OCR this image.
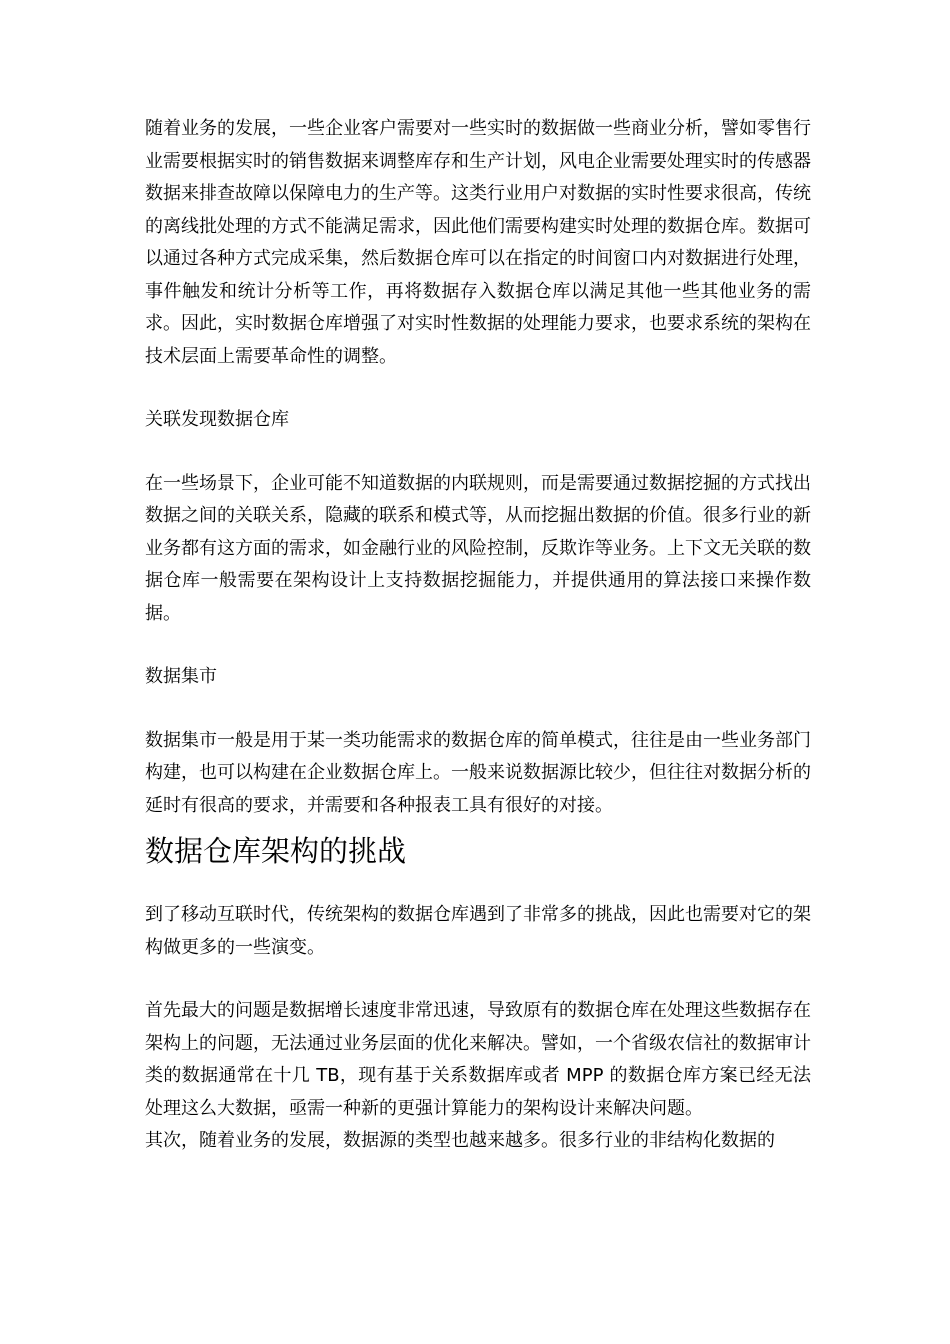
随着业务的发展，一些企业客户需要对一些实时的数据做一些商业分析，譬如零售行业需要根据实时的销售数据来调整库存和生产计划，风电企业需要处理实时的传感器数据来排查故障以保障电力的生产等。这类行业用户对数据的实时性要求很高，传统的离线批处理的方式不能满足需求，因此他们需要构建实时处理的数据仓库。数据可以通过各种方式完成采集，然后数据仓库可以在指定的时间窗口内对数据进行处理，事件触发和统计分析等工作，再将数据存入数据仓库以满足其他一些其他业务的需求。因此，实时数据仓库增强了对实时性数据的处理能力要求，也要求系统的架构在技术层面上需要革命性的调整。

关联发现数据仓库

在一些场景下，企业可能不知道数据的内联规则，而是需要通过数据挖掘的方式找出数据之间的关联关系，隐藏的联系和模式等，从而挖掘出数据的价值。很多行业的新业务都有这方面的需求，如金融行业的风险控制，反欺诈等业务。上下文无关联的数据仓库一般需要在架构设计上支持数据挖掘能力，并提供通用的算法接口来操作数据。

数据集市

数据集市一般是用于某一类功能需求的数据仓库的简单模式，往往是由一些业务部门构建，也可以构建在企业数据仓库上。一般来说数据源比较少，但往往对数据分析的延时有很高的要求，并需要和各种报表工具有很好的对接。

数据仓库架构的挑战

到了移动互联时代，传统架构的数据仓库遇到了非常多的挑战，因此也需要对它的架构做更多的一些演变。

首先最大的问题是数据增长速度非常迅速，导致原有的数据仓库在处理这些数据存在架构上的问题，无法通过业务层面的优化来解决。譬如，一个省级农信社的数据审计类的数据通常在十几 TB，现有基于关系数据库或者 MPP 的数据仓库方案已经无法处理这么大数据，亟需一种新的更强计算能力的架构设计来解决问题。

其次，随着业务的发展，数据源的类型也越来越多。很多行业的非结构化数据的
